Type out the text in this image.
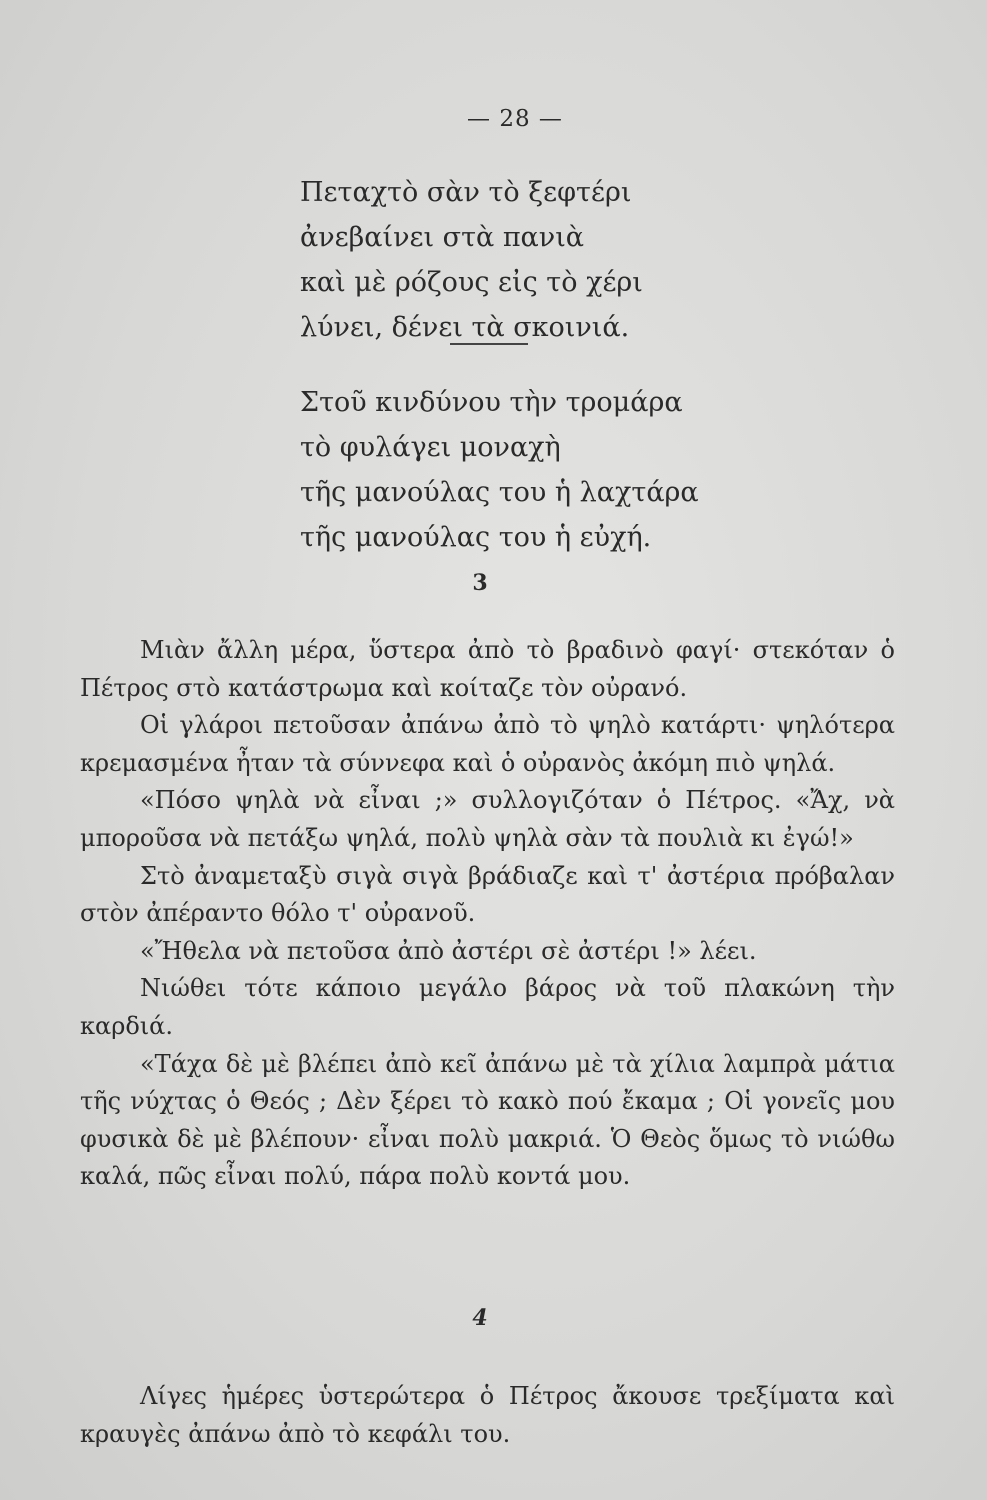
— 28 —
Πεταχτὸ σὰν τὸ ξεφτέρι
ἀνεβαίνει στὰ πανιὰ
καὶ μὲ ρόζους εἰς τὸ χέρι
λύνει, δένει τὰ σκοινιά.
Στοῦ κινδύνου τὴν τρομάρα
τὸ φυλάγει μοναχὴ
τῆς μανούλας του ἡ λαχτάρα
τῆς μανούλας του ἡ εὐχή.
3

Μιὰν ἄλλη μέρα, ὕστερα ἀπὸ τὸ βραδινὸ φαγί· στεκόταν ὁ Πέτρος στὸ κατάστρωμα καὶ κοίταζε τὸν οὐρανό.

Οἱ γλάροι πετοῦσαν ἀπάνω ἀπὸ τὸ ψηλὸ κατάρτι· ψηλότερα κρεμασμένα ἦταν τὰ σύννεφα καὶ ὁ οὐρανὸς ἀκόμη πιὸ ψηλά.

«Πόσο ψηλὰ νὰ εἶναι ;» συλλογιζόταν ὁ Πέτρος. «Ἄχ, νὰ μποροῦσα νὰ πετάξω ψηλά, πολὺ ψηλὰ σὰν τὰ πουλιὰ κι ἐγώ!»

Στὸ ἀναμεταξὺ σιγὰ σιγὰ βράδιαζε καὶ τ' ἀστέρια πρόβαλαν στὸν ἀπέραντο θόλο τ' οὐρανοῦ.

«Ἤθελα νὰ πετοῦσα ἀπὸ ἀστέρι σὲ ἀστέρι !» λέει.

Νιώθει τότε κάποιο μεγάλο βάρος νὰ τοῦ πλακώνη τὴν καρδιά.

«Τάχα δὲ μὲ βλέπει ἀπὸ κεῖ ἀπάνω μὲ τὰ χίλια λαμπρὰ μάτια τῆς νύχτας ὁ Θεός ; Δὲν ξέρει τὸ κακὸ πού ἔκαμα ; Οἱ γονεῖς μου φυσικὰ δὲ μὲ βλέπουν· εἶναι πολὺ μακριά. Ὁ Θεὸς ὅμως τὸ νιώθω καλά, πῶς εἶναι πολύ, πάρα πολὺ κοντά μου.

4

Λίγες ἡμέρες ὑστερώτερα ὁ Πέτρος ἄκουσε τρεξίματα καὶ κραυγὲς ἀπάνω ἀπὸ τὸ κεφάλι του.
